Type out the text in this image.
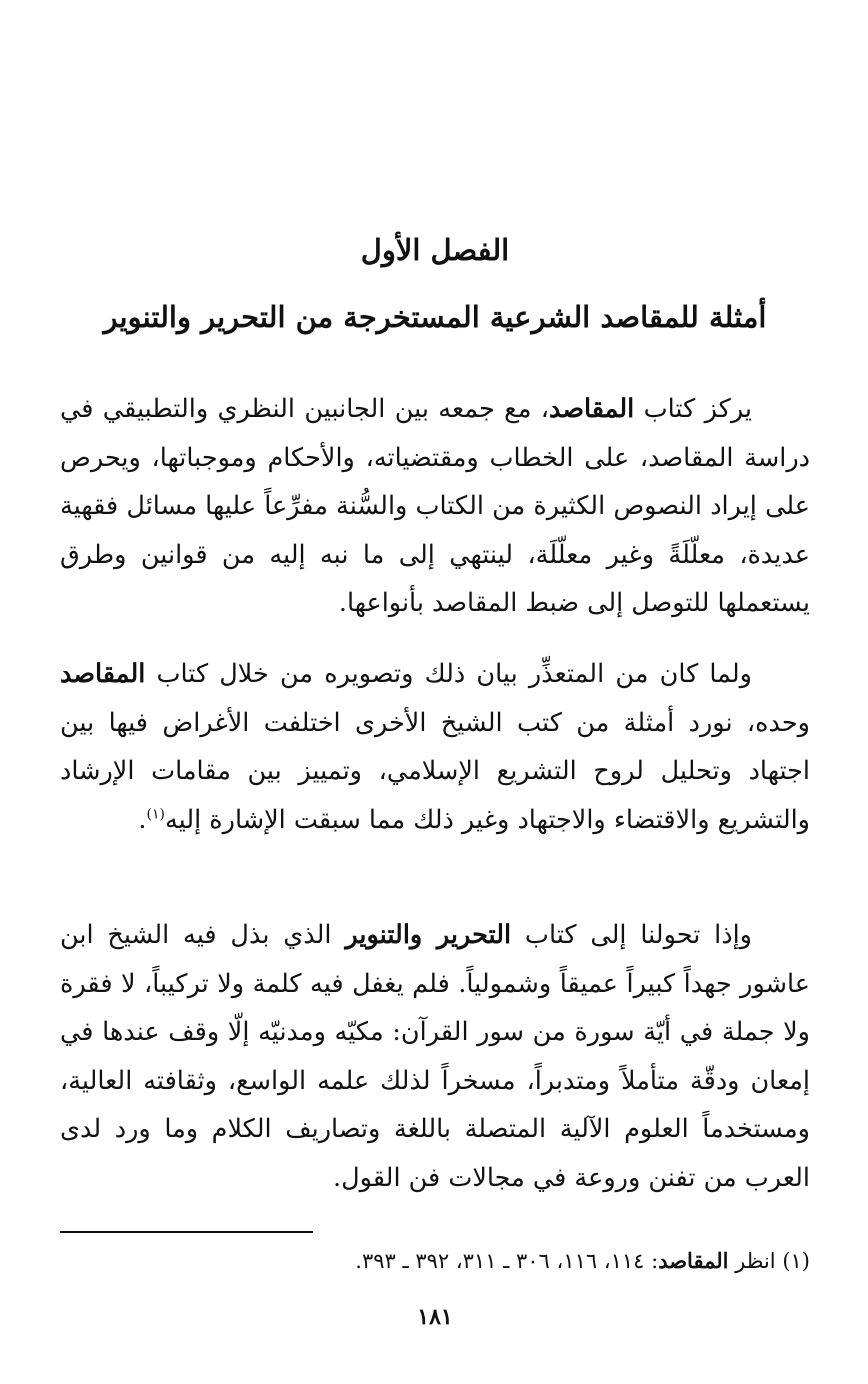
الفصل الأول
أمثلة للمقاصد الشرعية المستخرجة من التحرير والتنوير

يركز كتاب المقاصد، مع جمعه بين الجانبين النظري والتطبيقي في دراسة المقاصد، على الخطاب ومقتضياته، والأحكام وموجباتها، ويحرص على إيراد النصوص الكثيرة من الكتاب والسُّنة مفرِّعاً عليها مسائل فقهية عديدة، معلّلَةً وغير معلّلَة، لينتهي إلى ما نبه إليه من قوانين وطرق يستعملها للتوصل إلى ضبط المقاصد بأنواعها.

ولما كان من المتعذِّر بيان ذلك وتصويره من خلال كتاب المقاصد وحده، نورد أمثلة من كتب الشيخ الأخرى اختلفت الأغراض فيها بين اجتهاد وتحليل لروح التشريع الإسلامي، وتمييز بين مقامات الإرشاد والتشريع والاقتضاء والاجتهاد وغير ذلك مما سبقت الإشارة إليه$^{(١)}$.

وإذا تحولنا إلى كتاب التحرير والتنوير الذي بذل فيه الشيخ ابن عاشور جهداً كبيراً عميقاً وشمولياً. فلم يغفل فيه كلمة ولا تركيباً، لا فقرة ولا جملة في أيّة سورة من سور القرآن: مكيّه ومدنيّه إلّا وقف عندها في إمعان ودقّة متأملاً ومتدبراً، مسخراً لذلك علمه الواسع، وثقافته العالية، ومستخدماً العلوم الآلية المتصلة باللغة وتصاريف الكلام وما ورد لدى العرب من تفنن وروعة في مجالات فن القول.

(١) انظر المقاصد: ١١٤، ١١٦، ٣٠٦ ـ ٣١١، ٣٩٢ ـ ٣٩٣.
١٨١
